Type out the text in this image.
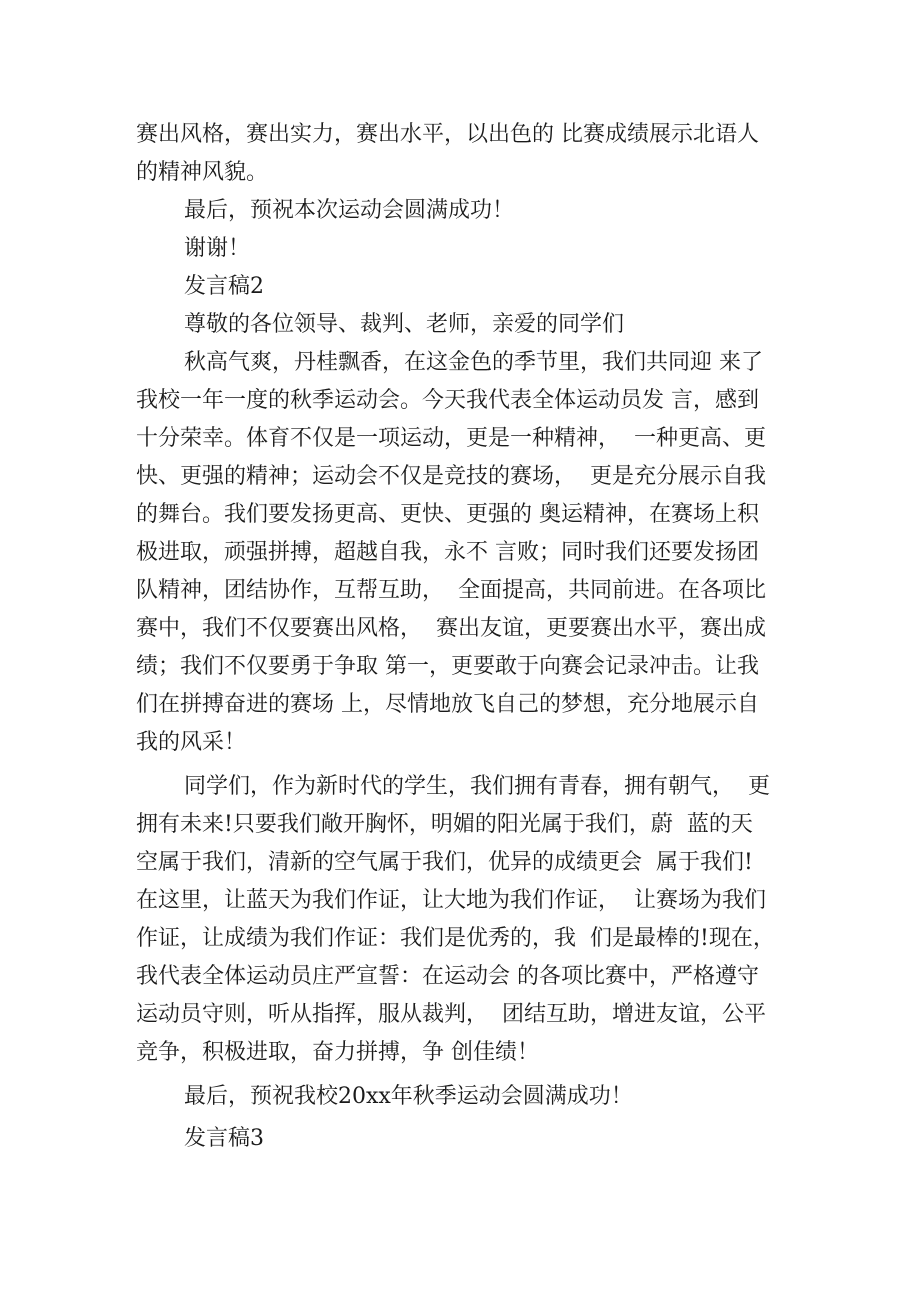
赛出风格，赛出实力，赛出水平，以出色的 比赛成绩展示北语人
的精神风貌。
最后，预祝本次运动会圆满成功！
谢谢！
发言稿2
尊敬的各位领导、裁判、老师，亲爱的同学们
秋高气爽，丹桂飘香，在这金色的季节里，我们共同迎 来了
我校一年一度的秋季运动会。今天我代表全体运动员发 言，感到
十分荣幸。体育不仅是一项运动，更是一种精神，  一种更高、更
快、更强的精神；运动会不仅是竞技的赛场，  更是充分展示自我
的舞台。我们要发扬更高、更快、更强的 奥运精神，在赛场上积
极进取，顽强拼搏，超越自我，永不 言败；同时我们还要发扬团
队精神，团结协作，互帮互助，  全面提高，共同前进。在各项比
赛中，我们不仅要赛出风格，  赛出友谊，更要赛出水平，赛出成
绩；我们不仅要勇于争取 第一，更要敢于向赛会记录冲击。让我
们在拼搏奋进的赛场 上，尽情地放飞自己的梦想，充分地展示自
我的风采！
同学们，作为新时代的学生，我们拥有青春，拥有朝气，  更
拥有未来!只要我们敞开胸怀，明媚的阳光属于我们，蔚  蓝的天
空属于我们，清新的空气属于我们，优异的成绩更会  属于我们!
在这里，让蓝天为我们作证，让大地为我们作证，  让赛场为我们
作证，让成绩为我们作证：我们是优秀的，我  们是最棒的!现在，
我代表全体运动员庄严宣誓：在运动会 的各项比赛中，严格遵守
运动员守则，听从指挥，服从裁判，  团结互助，增进友谊，公平
竞争，积极进取，奋力拼搏，争 创佳绩！
最后，预祝我校20xx年秋季运动会圆满成功！
发言稿3
